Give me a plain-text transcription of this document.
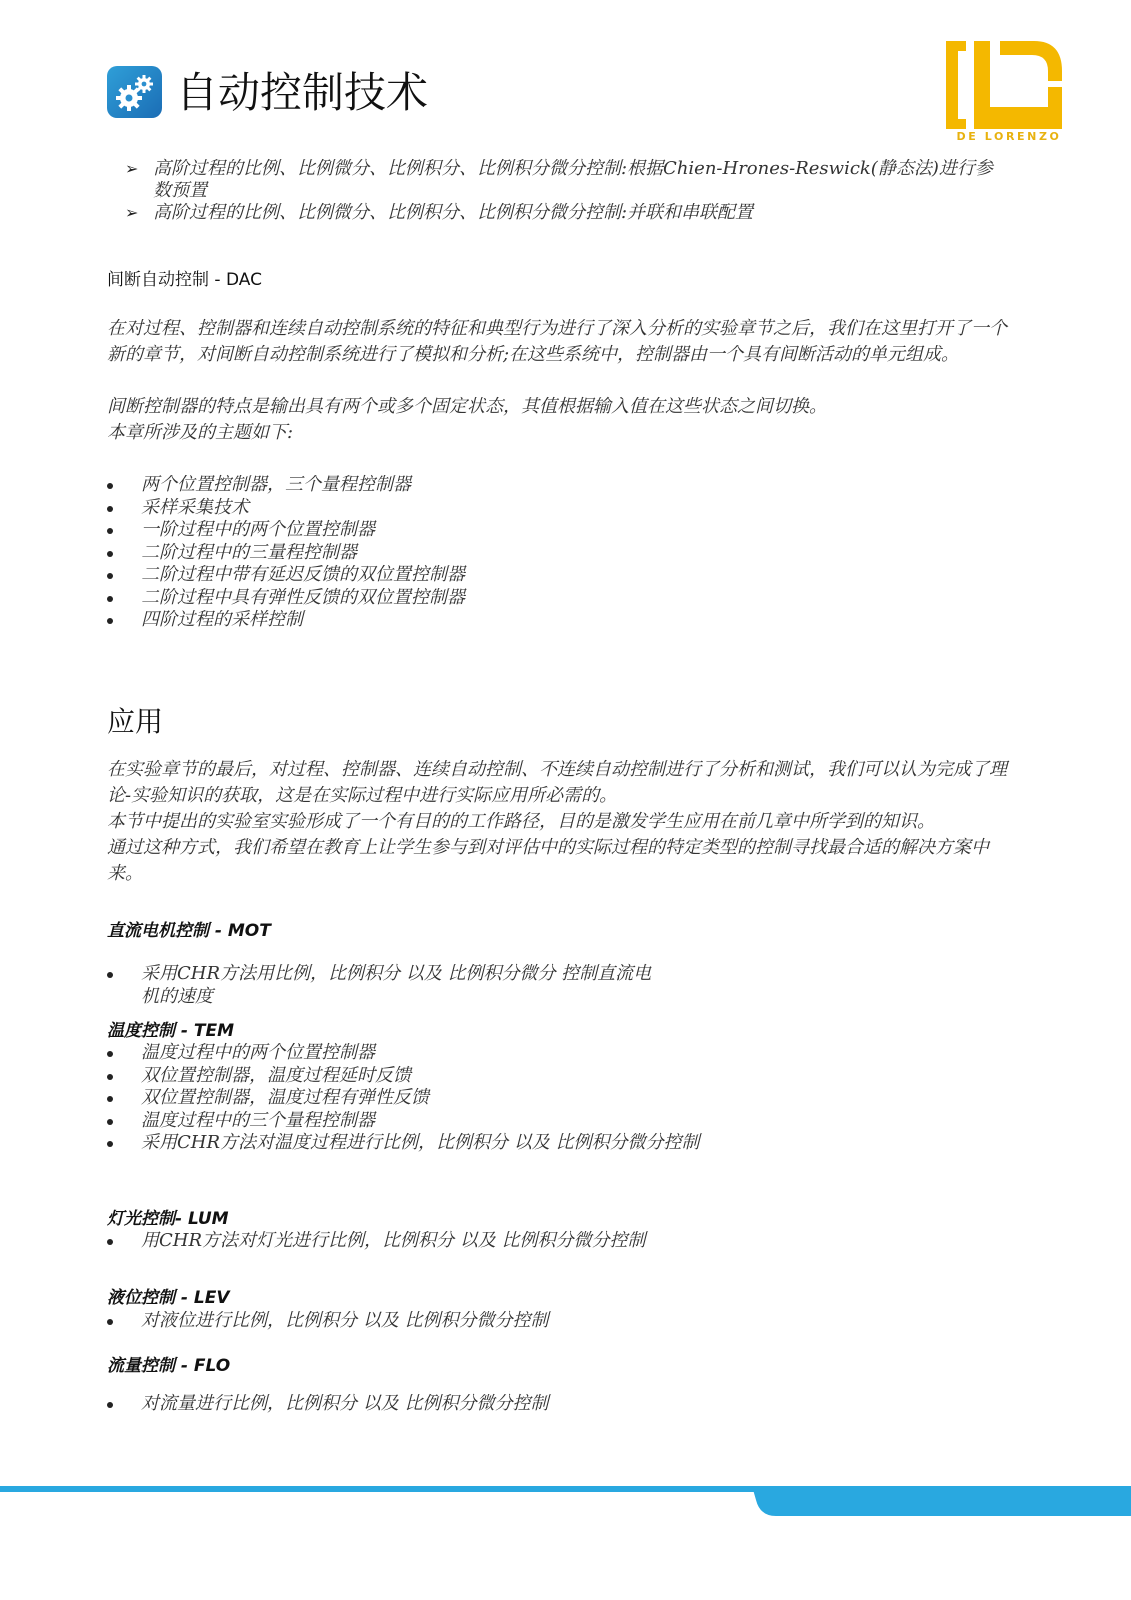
自动控制技术
DE LORENZO
➢ 高阶过程的比例、比例微分、比例积分、比例积分微分控制:根据Chien-Hrones-Reswick(静态法)进行参数预置
➢ 高阶过程的比例、比例微分、比例积分、比例积分微分控制:并联和串联配置
间断自动控制 - DAC

在对过程、控制器和连续自动控制系统的特征和典型行为进行了深入分析的实验章节之后，我们在这里打开了一个新的章节，对间断自动控制系统进行了模拟和分析;在这些系统中，控制器由一个具有间断活动的单元组成。

间断控制器的特点是输出具有两个或多个固定状态，其值根据输入值在这些状态之间切换。

本章所涉及的主题如下:

两个位置控制器，三个量程控制器
采样采集技术
一阶过程中的两个位置控制器
二阶过程中的三量程控制器
二阶过程中带有延迟反馈的双位置控制器
二阶过程中具有弹性反馈的双位置控制器
四阶过程的采样控制
应用

在实验章节的最后，对过程、控制器、连续自动控制、不连续自动控制进行了分析和测试，我们可以认为完成了理论-实验知识的获取，这是在实际过程中进行实际应用所必需的。

本节中提出的实验室实验形成了一个有目的的工作路径，目的是激发学生应用在前几章中所学到的知识。

通过这种方式，我们希望在教育上让学生参与到对评估中的实际过程的特定类型的控制寻找最合适的解决方案中来。

直流电机控制 - MOT
采用CHR方法用比例，比例积分 以及 比例积分微分 控制直流电机的速度
温度控制 - TEM
温度过程中的两个位置控制器
双位置控制器，温度过程延时反馈
双位置控制器，温度过程有弹性反馈
温度过程中的三个量程控制器
采用CHR方法对温度过程进行比例，比例积分 以及 比例积分微分控制
灯光控制- LUM
用CHR方法对灯光进行比例，比例积分 以及 比例积分微分控制
液位控制 - LEV
对液位进行比例，比例积分 以及 比例积分微分控制
流量控制 - FLO
对流量进行比例，比例积分 以及 比例积分微分控制
